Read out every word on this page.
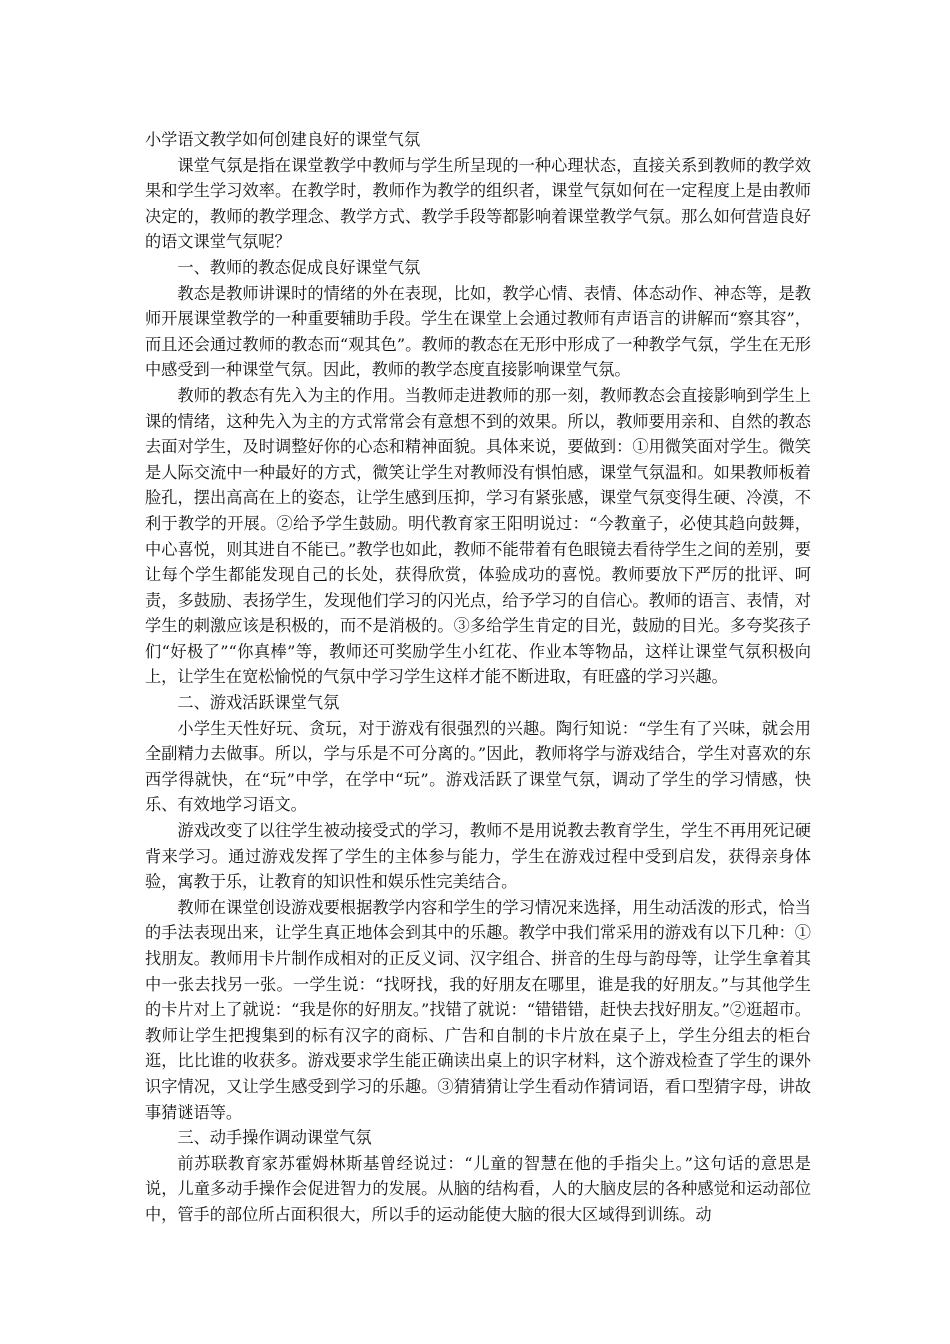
小学语文教学如何创建良好的课堂气氛

课堂气氛是指在课堂教学中教师与学生所呈现的一种心理状态，直接关系到教师的教学效果和学生学习效率。在教学时，教师作为教学的组织者，课堂气氛如何在一定程度上是由教师决定的，教师的教学理念、教学方式、教学手段等都影响着课堂教学气氛。那么如何营造良好的语文课堂气氛呢？

一、教师的教态促成良好课堂气氛

教态是教师讲课时的情绪的外在表现，比如，教学心情、表情、体态动作、神态等，是教师开展课堂教学的一种重要辅助手段。学生在课堂上会通过教师有声语言的讲解而“察其容”，而且还会通过教师的教态而“观其色”。教师的教态在无形中形成了一种教学气氛，学生在无形中感受到一种课堂气氛。因此，教师的教学态度直接影响课堂气氛。

教师的教态有先入为主的作用。当教师走进教师的那一刻，教师教态会直接影响到学生上课的情绪，这种先入为主的方式常常会有意想不到的效果。所以，教师要用亲和、自然的教态去面对学生，及时调整好你的心态和精神面貌。具体来说，要做到：①用微笑面对学生。微笑是人际交流中一种最好的方式，微笑让学生对教师没有惧怕感，课堂气氛温和。如果教师板着脸孔，摆出高高在上的姿态，让学生感到压抑，学习有紧张感，课堂气氛变得生硬、冷漠，不利于教学的开展。②给予学生鼓励。明代教育家王阳明说过：“今教童子，必使其趋向鼓舞，中心喜悦，则其进自不能已。”教学也如此，教师不能带着有色眼镜去看待学生之间的差别，要让每个学生都能发现自己的长处，获得欣赏，体验成功的喜悦。教师要放下严厉的批评、呵责，多鼓励、表扬学生，发现他们学习的闪光点，给予学习的自信心。教师的语言、表情，对学生的刺激应该是积极的，而不是消极的。③多给学生肯定的目光，鼓励的目光。多夸奖孩子们“好极了”“你真棒”等，教师还可奖励学生小红花、作业本等物品，这样让课堂气氛积极向上，让学生在宽松愉悦的气氛中学习学生这样才能不断进取，有旺盛的学习兴趣。

二、游戏活跃课堂气氛

小学生天性好玩、贪玩，对于游戏有很强烈的兴趣。陶行知说：“学生有了兴味，就会用全副精力去做事。所以，学与乐是不可分离的。”因此，教师将学与游戏结合，学生对喜欢的东西学得就快，在“玩”中学，在学中“玩”。游戏活跃了课堂气氛，调动了学生的学习情感，快乐、有效地学习语文。

游戏改变了以往学生被动接受式的学习，教师不是用说教去教育学生，学生不再用死记硬背来学习。通过游戏发挥了学生的主体参与能力，学生在游戏过程中受到启发，获得亲身体验，寓教于乐，让教育的知识性和娱乐性完美结合。

教师在课堂创设游戏要根据教学内容和学生的学习情况来选择，用生动活泼的形式，恰当的手法表现出来，让学生真正地体会到其中的乐趣。教学中我们常采用的游戏有以下几种：①找朋友。教师用卡片制作成相对的正反义词、汉字组合、拼音的生母与韵母等，让学生拿着其中一张去找另一张。一学生说：“找呀找，我的好朋友在哪里，谁是我的好朋友。”与其他学生的卡片对上了就说：“我是你的好朋友。”找错了就说：“错错错，赶快去找好朋友。”②逛超市。教师让学生把搜集到的标有汉字的商标、广告和自制的卡片放在桌子上，学生分组去的柜台逛，比比谁的收获多。游戏要求学生能正确读出桌上的识字材料，这个游戏检查了学生的课外识字情况，又让学生感受到学习的乐趣。③猜猜猜让学生看动作猜词语，看口型猜字母，讲故事猜谜语等。

三、动手操作调动课堂气氛

前苏联教育家苏霍姆林斯基曾经说过：“儿童的智慧在他的手指尖上。”这句话的意思是说，儿童多动手操作会促进智力的发展。从脑的结构看，人的大脑皮层的各种感觉和运动部位中，管手的部位所占面积很大，所以手的运动能使大脑的很大区域得到训练。动
